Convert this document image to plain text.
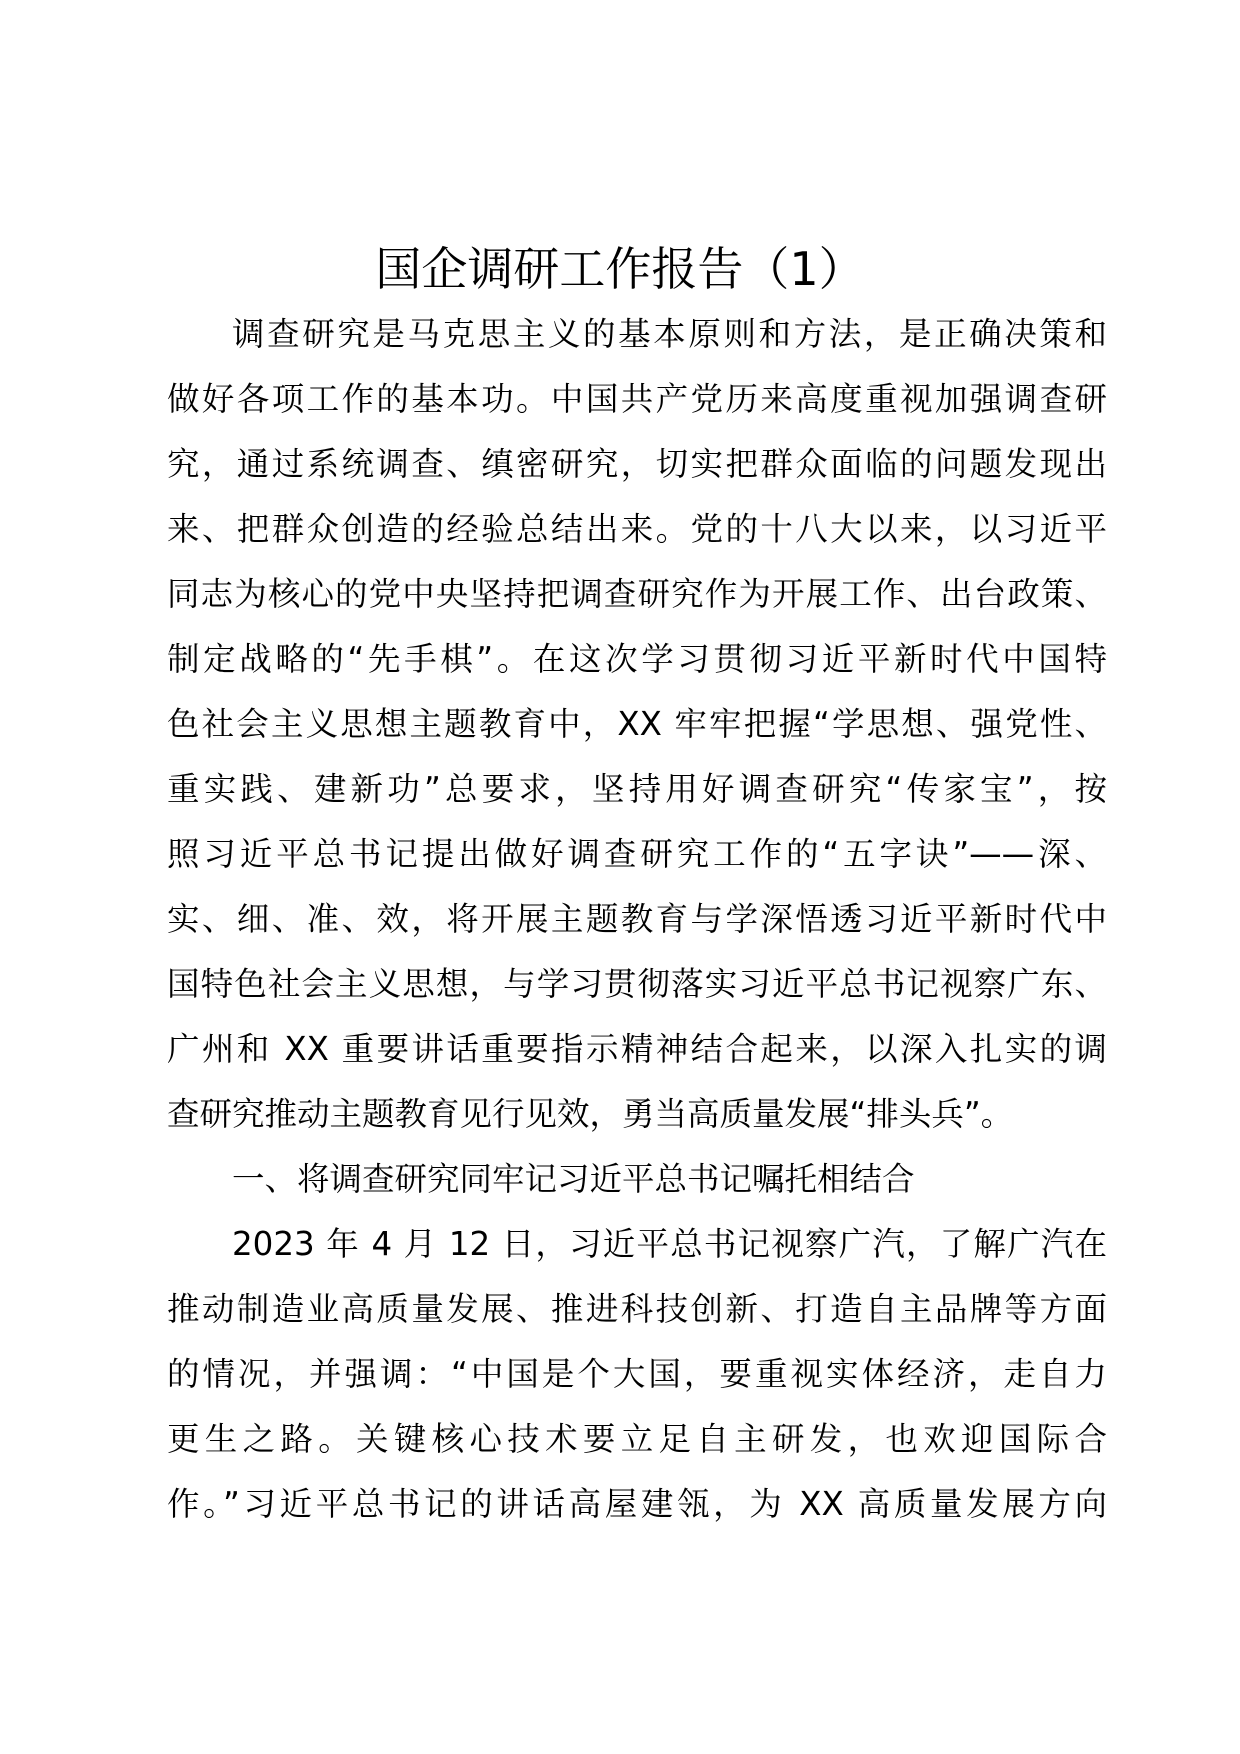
国企调研工作报告（1）
调查研究是马克思主义的基本原则和方法，是正确决策和
做好各项工作的基本功。中国共产党历来高度重视加强调查研
究，通过系统调查、缜密研究，切实把群众面临的问题发现出
来、把群众创造的经验总结出来。党的十八大以来，以习近平
同志为核心的党中央坚持把调查研究作为开展工作、出台政策、
制定战略的“先手棋”。在这次学习贯彻习近平新时代中国特
色社会主义思想主题教育中，XX 牢牢把握“学思想、强党性、
重实践、建新功”总要求，坚持用好调查研究“传家宝”，按
照习近平总书记提出做好调查研究工作的“五字诀”——深、
实、细、准、效，将开展主题教育与学深悟透习近平新时代中
国特色社会主义思想，与学习贯彻落实习近平总书记视察广东、
广州和 XX 重要讲话重要指示精神结合起来，以深入扎实的调
查研究推动主题教育见行见效，勇当高质量发展“排头兵”。
一、将调查研究同牢记习近平总书记嘱托相结合
2023 年 4 月 12 日，习近平总书记视察广汽，了解广汽在
推动制造业高质量发展、推进科技创新、打造自主品牌等方面
的情况，并强调：“中国是个大国，要重视实体经济，走自力
更生之路。关键核心技术要立足自主研发，也欢迎国际合
作。”习近平总书记的讲话高屋建瓴，为 XX 高质量发展方向
